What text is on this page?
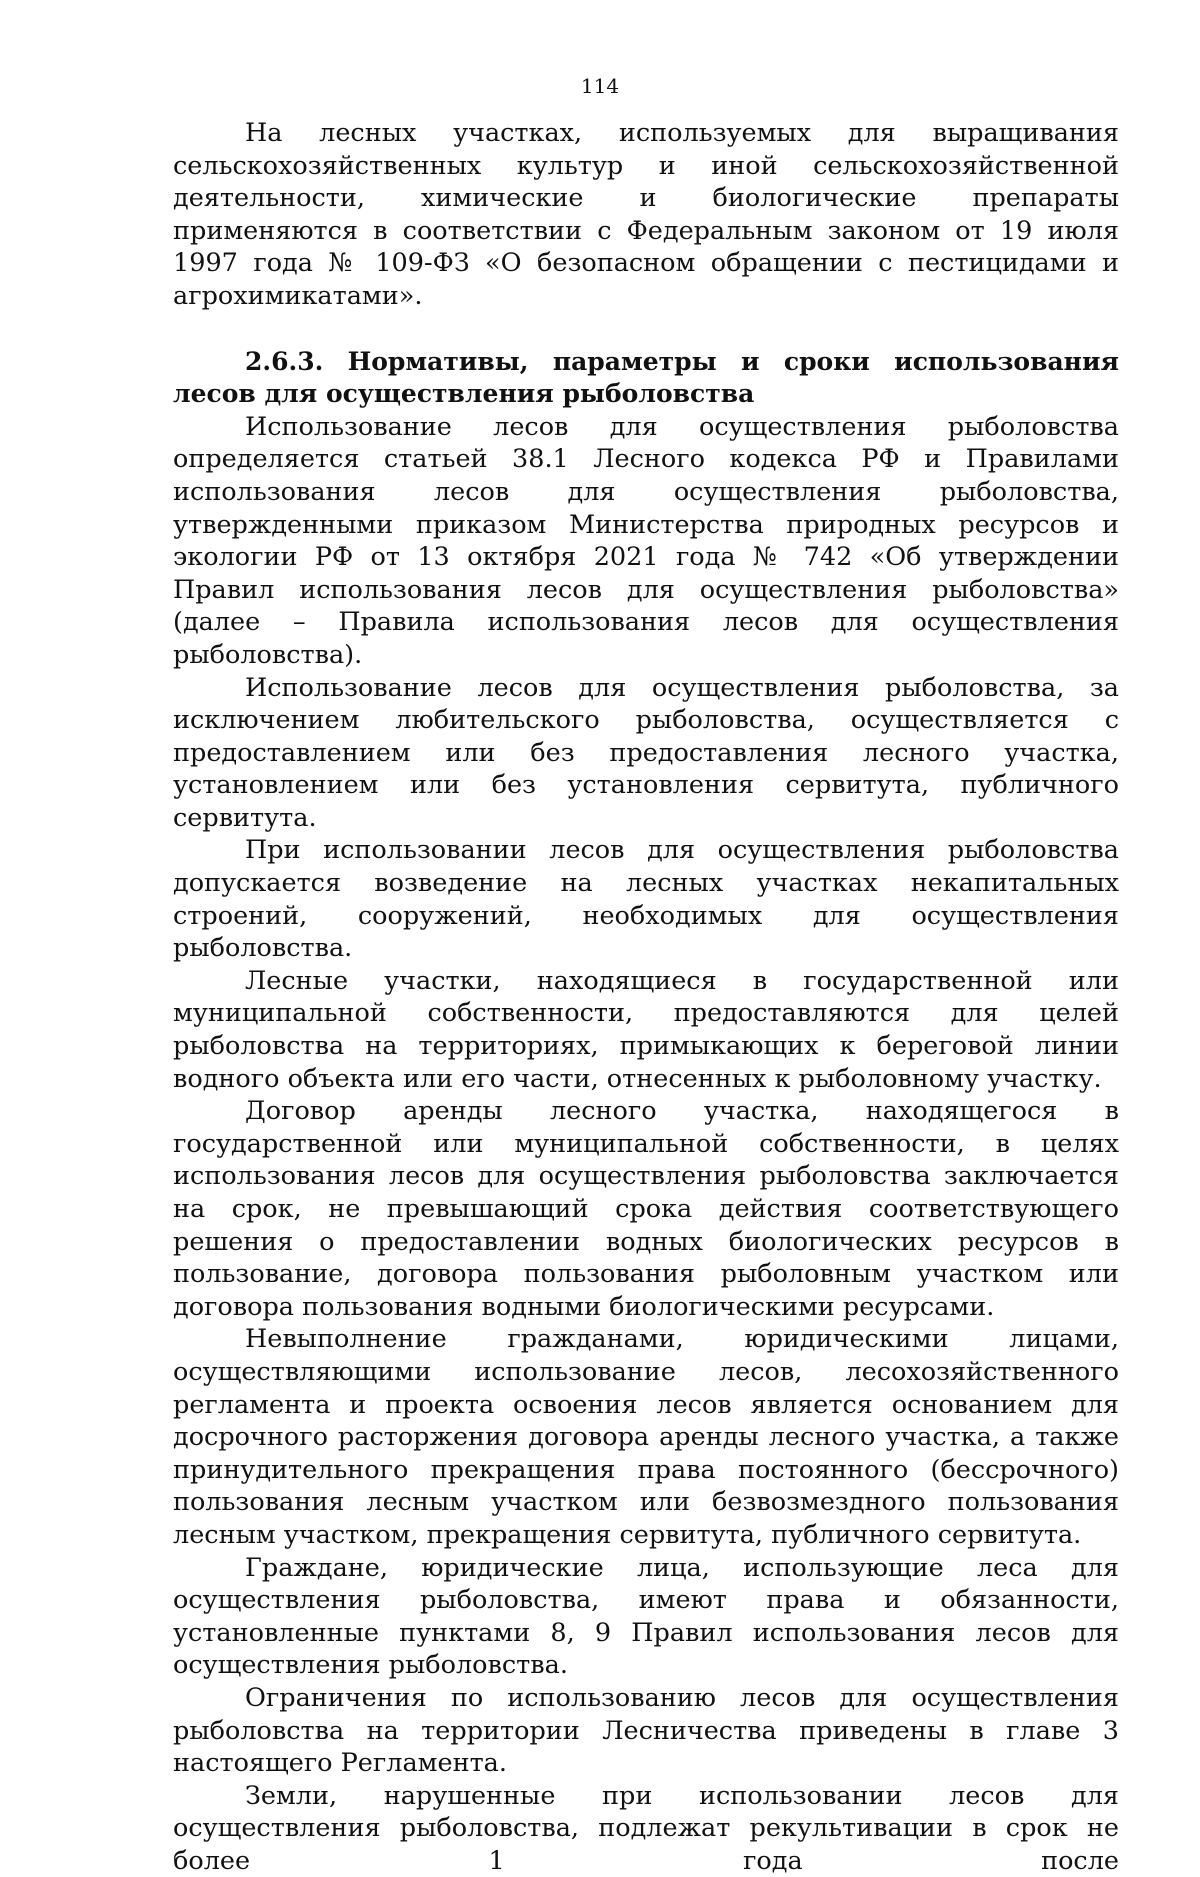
114

На лесных участках, используемых для выращивания сельскохозяйственных культур и иной сельскохозяйственной деятельности, химические и биологические препараты применяются в соответствии с Федеральным законом от 19 июля 1997 года № 109-ФЗ «О безопасном обращении с пестицидами и агрохимикатами».

2.6.3. Нормативы, параметры и сроки использования лесов для осуществления рыболовства

Использование лесов для осуществления рыболовства определяется статьей 38.1 Лесного кодекса РФ и Правилами использования лесов для осуществления рыболовства, утвержденными приказом Министерства природных ресурсов и экологии РФ от 13 октября 2021 года № 742 «Об утверждении Правил использования лесов для осуществления рыболовства» (далее – Правила использования лесов для осуществления рыболовства).

Использование лесов для осуществления рыболовства, за исключением любительского рыболовства, осуществляется с предоставлением или без предоставления лесного участка, установлением или без установления сервитута, публичного сервитута.

При использовании лесов для осуществления рыболовства допускается возведение на лесных участках некапитальных строений, сооружений, необходимых для осуществления рыболовства.

Лесные участки, находящиеся в государственной или муниципальной собственности, предоставляются для целей рыболовства на территориях, примыкающих к береговой линии водного объекта или его части, отнесенных к рыболовному участку.

Договор аренды лесного участка, находящегося в государственной или муниципальной собственности, в целях использования лесов для осуществления рыболовства заключается на срок, не превышающий срока действия соответствующего решения о предоставлении водных биологических ресурсов в пользование, договора пользования рыболовным участком или договора пользования водными биологическими ресурсами.

Невыполнение гражданами, юридическими лицами, осуществляющими использование лесов, лесохозяйственного регламента и проекта освоения лесов является основанием для досрочного расторжения договора аренды лесного участка, а также принудительного прекращения права постоянного (бессрочного) пользования лесным участком или безвозмездного пользования лесным участком, прекращения сервитута, публичного сервитута.

Граждане, юридические лица, использующие леса для осуществления рыболовства, имеют права и обязанности, установленные пунктами 8, 9 Правил использования лесов для осуществления рыболовства.

Ограничения по использованию лесов для осуществления рыболовства на территории Лесничества приведены в главе 3 настоящего Регламента.

Земли, нарушенные при использовании лесов для осуществления рыболовства, подлежат рекультивации в срок не более 1 года после
